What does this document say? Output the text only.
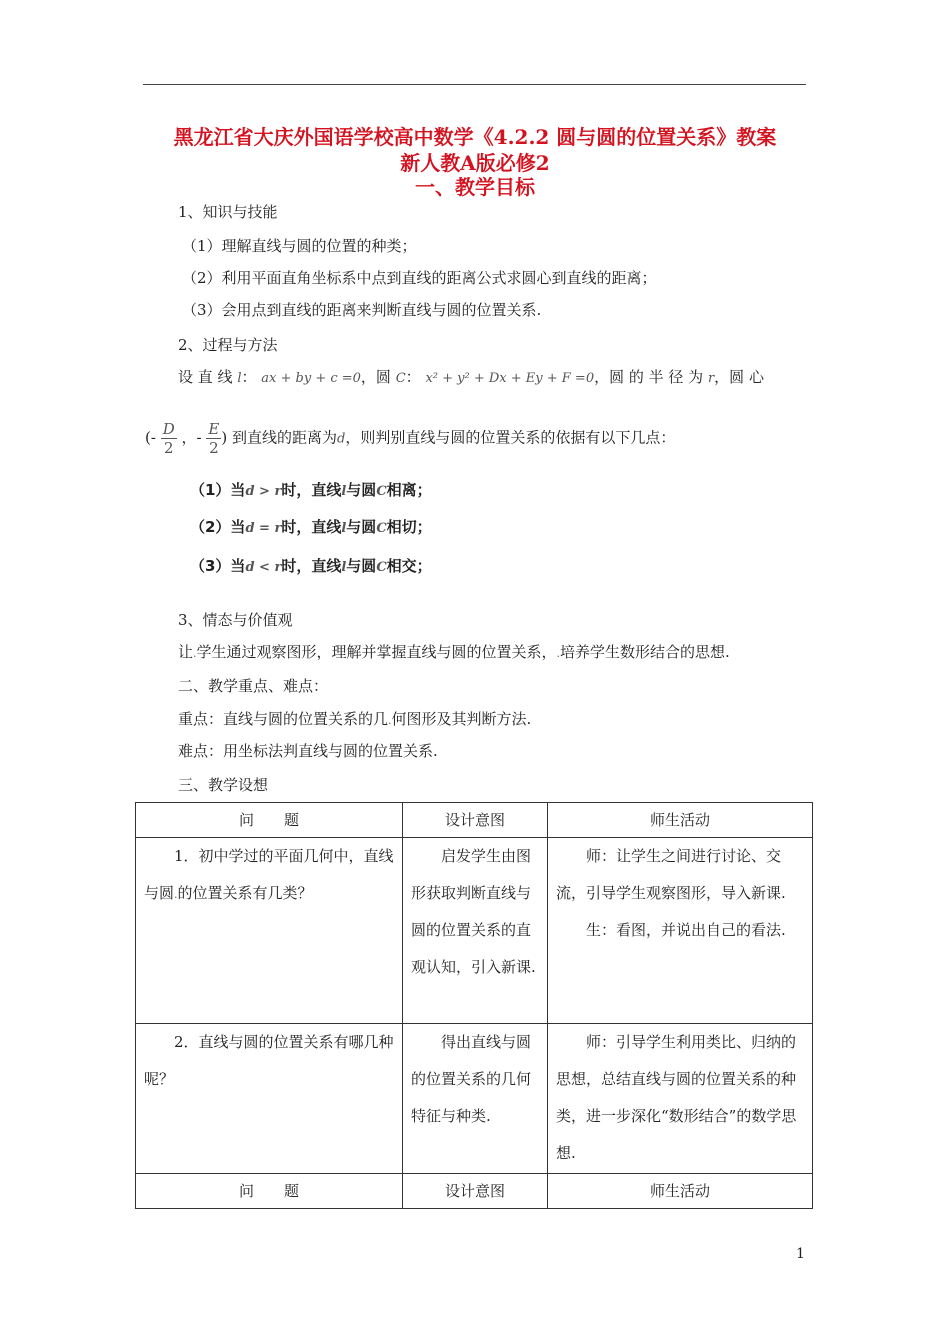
黑龙江省大庆外国语学校高中数学《4.2.2 圆与圆的位置关系》教案
新人教A版必修2
一、教学目标
1、知识与技能
（1）理解直线与圆的位置的种类；
（2）利用平面直角坐标系中点到直线的距离公式求圆心到直线的距离；
（3）会用点到直线的距离来判断直线与圆的位置关系.
2、过程与方法
设 直 线 l： ax + by + c =0，圆 C： x² + y² + Dx + Ey + F =0，圆 的 半 径 为 r，圆 心
(- $\frac{D}{2}$ ，- $\frac{E}{2}$ ) 到直线的距离为d，则判别直线与圆的位置关系的依据有以下几点：
（1）当d > r时，直线l与圆C相离；
（2）当d = r时，直线l与圆C相切；
（3）当d < r时，直线l与圆C相交；
3、情态与价值观
让.学生通过观察图形，理解并掌握直线与圆的位置关系，.培养学生数形结合的思想.
二、教学重点、难点：
重点：直线与圆的位置关系的几.何图形及其判断方法.
难点：用坐标法判直线与圆的位置关系.
三、教学设想
问　　题	设计意图	师生活动
1．初中学过的平面几何中，直线与圆.的位置关系有几类？	启发学生由图形获取判断直线与圆的位置关系的直观认知，引入新课.	师：让学生之间进行讨论、交流，引导学生观察图形，导入新课.
生：看图，并说出自己的看法.

2．直线与圆的位置关系有哪几种呢？	得出直线与圆的位置关系的几何特征与种类.	师：引导学生利用类比、归纳的思想，总结直线与圆的位置关系的种类，进一步深化“数形结合”的数学思想.

问　　题	设计意图	师生活动
1
